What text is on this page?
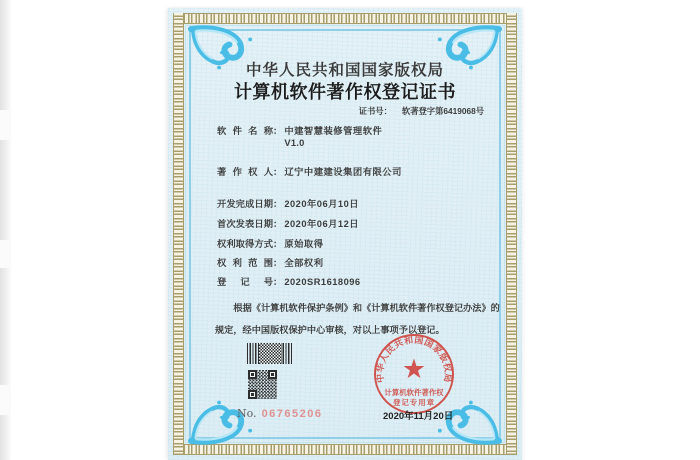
中华人民共和国国家版权局
计算机软件著作权登记证书
证书号： 软著登字第6419068号
软件名称 ： 中建智慧装修管理软件
V1.0
著作权人 ： 辽宁中建建设集团有限公司
开发完成日期 ： 2020年06月10日
首次发表日期 ： 2020年06月12日
权利取得方式 ： 原始取得
权利范围 ： 全部权利
登记号 ： 2020SR1618096
根据《计算机软件保护条例》和《计算机软件著作权登记办法》的规定，经中国版权保护中心审核，对以上事项予以登记。
No. 06765206
中华人民共和国国家版权局
★
计算机软件著作权
登记专用章
2020年11月20日
